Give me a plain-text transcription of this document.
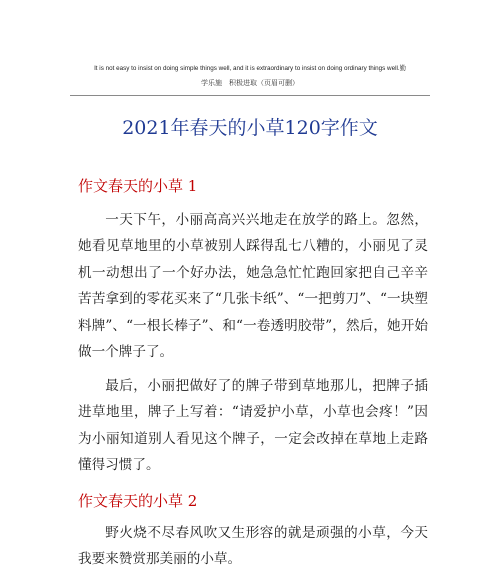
It is not easy to insist on doing simple things well, and it is extraordinary to insist on doing ordinary things well.勤
学乐施　积极进取（页眉可删）
2021年春天的小草120字作文
作文春天的小草 1
一天下午，小丽高高兴兴地走在放学的路上。忽然，她看见草地里的小草被别人踩得乱七八糟的，小丽见了灵机一动想出了一个好办法，她急急忙忙跑回家把自己辛辛苦苦拿到的零花买来了“几张卡纸”、“一把剪刀”、“一块塑料牌”、“一根长棒子”、和“一卷透明胶带”，然后，她开始做一个牌子了。
最后，小丽把做好了的牌子带到草地那儿，把牌子插进草地里，牌子上写着：“请爱护小草，小草也会疼！”因为小丽知道别人看见这个牌子，一定会改掉在草地上走路懂得习惯了。
作文春天的小草 2
野火烧不尽春风吹又生形容的就是顽强的小草，今天我要来赞赏那美丽的小草。
